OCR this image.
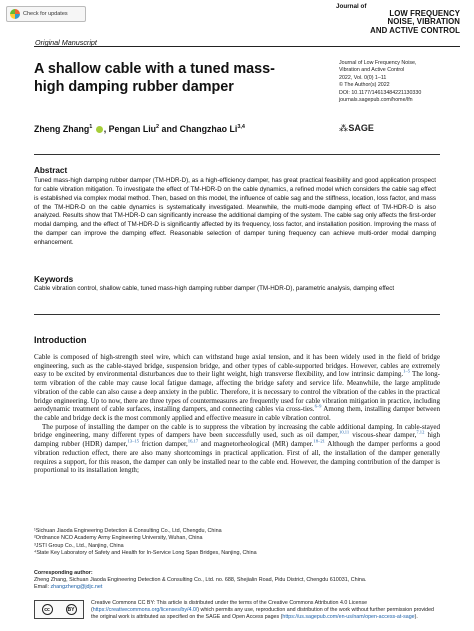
Check for updates
Journal of
LOW FREQUENCY
NOISE, VIBRATION
AND ACTIVE CONTROL
Original Manuscript
A shallow cable with a tuned mass-high damping rubber damper
Journal of Low Frequency Noise,
Vibration and Active Control
2022, Vol. 0(0) 1–11
© The Author(s) 2022
DOI: 10.1177/14613484221130330
journals.sagepub.com/home/lfn
⁂SAGE
Zheng Zhang$^1$ , Pengan Liu$^2$ and Changzhao Li$^{3,4}$
Abstract
Tuned mass-high damping rubber damper (TM-HDR-D), as a high-efficiency damper, has great practical feasibility and good application prospect for cable vibration mitigation. To investigate the effect of TM-HDR-D on the cable dynamics, a refined model which considers the cable sag effect is established via complex modal method. Then, based on this model, the influence of cable sag and the stiffness, location, loss factor, and mass of the TM-HDR-D on the cable dynamics is systematically investigated. Meanwhile, the multi-mode damping effect of TM-HDR-D is also analyzed. Results show that TM-HDR-D can significantly increase the additional damping of the system. The cable sag only affects the first-order modal damping, and the effect of TM-HDR-D is significantly affected by its frequency, loss factor, and installation position. Improving the mass of the damper can improve the damping effect. Reasonable selection of damper tuning frequency can achieve multi-order modal damping enhancement.
Keywords
Cable vibration control, shallow cable, tuned mass-high damping rubber damper (TM-HDR-D), parametric analysis, damping effect
Introduction

Cable is composed of high-strength steel wire, which can withstand huge axial tension, and it has been widely used in the field of bridge engineering, such as the cable-stayed bridge, suspension bridge, and other types of cable-supported bridges. However, cables are extremely easy to be excited by environmental disturbances due to their light weight, high transverse flexibility, and low intrinsic damping.$^{1-5}$ The long-term vibration of the cable may cause local fatigue damage, affecting the bridge safety and service life. Meanwhile, the large amplitude vibration of the cable can also cause a deep anxiety in the public. Therefore, it is necessary to control the vibration of the cables in the practical bridge engineering. Up to now, there are three types of countermeasures are frequently used for cable vibration mitigation in practice, including aerodynamic treatment of cable surfaces, installing dampers, and connecting cables via cross-ties.$^{6-9}$ Among them, installing damper between the cable and bridge deck is the most commonly applied and effective measure in cable vibration control.

The purpose of installing the damper on the cable is to suppress the vibration by increasing the cable additional damping. In cable-stayed bridge engineering, many different types of dampers have been successfully used, such as oil damper,$^{10,11}$ viscous-shear damper,$^{7,12}$ high damping rubber (HDR) damper,$^{13-15}$ friction damper,$^{16,17}$ and magnetorheological (MR) damper.$^{18-21}$ Although the damper performs a good vibration reduction effect, there are also many shortcomings in practical application. First of all, the installation of the damper generally requires a support, for this reason, the damper can only be installed near to the cable end. However, the damping contribution of the damper is proportional to its installation length;

¹Sichuan Jiaoda Engineering Detection & Consulting Co., Ltd, Chengdu, China
²Ordnance NCO Academy Army Engineering University, Wuhan, China
³JSTI Group Co., Ltd., Nanjing, China
⁴State Key Laboratory of Safety and Health for In-Service Long Span Bridges, Nanjing, China
Corresponding author:
Zheng Zhang, Sichuan Jiaoda Engineering Detection & Consulting Co., Ltd. no. 688, Shejialin Road, Pidu District, Chengdu 610031, China.
Email: zhangzheng@jdjc.net
cc	BY
Creative Commons CC BY: This article is distributed under the terms of the Creative Commons Attribution 4.0 License (https://creativecommons.org/licenses/by/4.0/) which permits any use, reproduction and distribution of the work without further permission provided the original work is attributed as specified on the SAGE and Open Access pages (https://us.sagepub.com/en-us/nam/open-access-at-sage).
